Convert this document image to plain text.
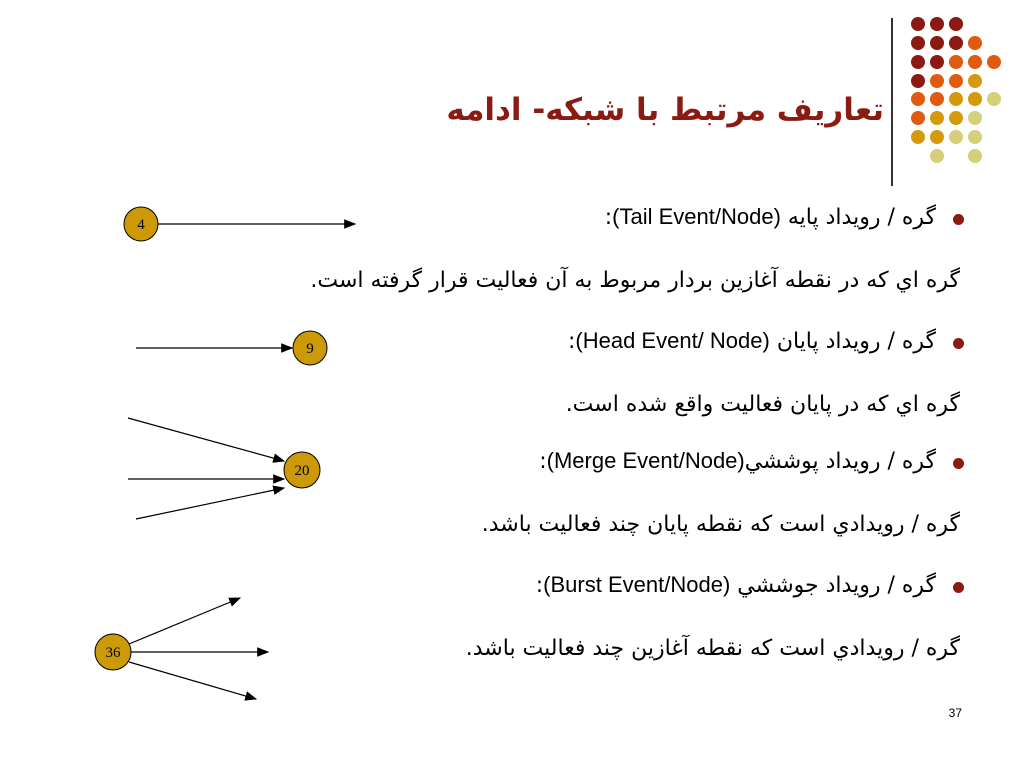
تعاریف مرتبط با شبکه- ادامه
گره / رویداد پایه (Tail Event/Node):
گره اي كه در نقطه آغازين بردار مربوط به آن فعاليت قرار گرفته است.
گره / رویداد پایان (Head Event/ Node):
گره اي كه در پايان فعاليت واقع شده است.
گره / رویداد پوششي(Merge Event/Node):
گره / رويدادي است كه نقطه پايان چند فعاليت باشد.
گره / رویداد جوششي (Burst Event/Node):
گره / رويدادي است كه نقطه آغازين چند فعاليت باشد.
4
9
20
36
37
